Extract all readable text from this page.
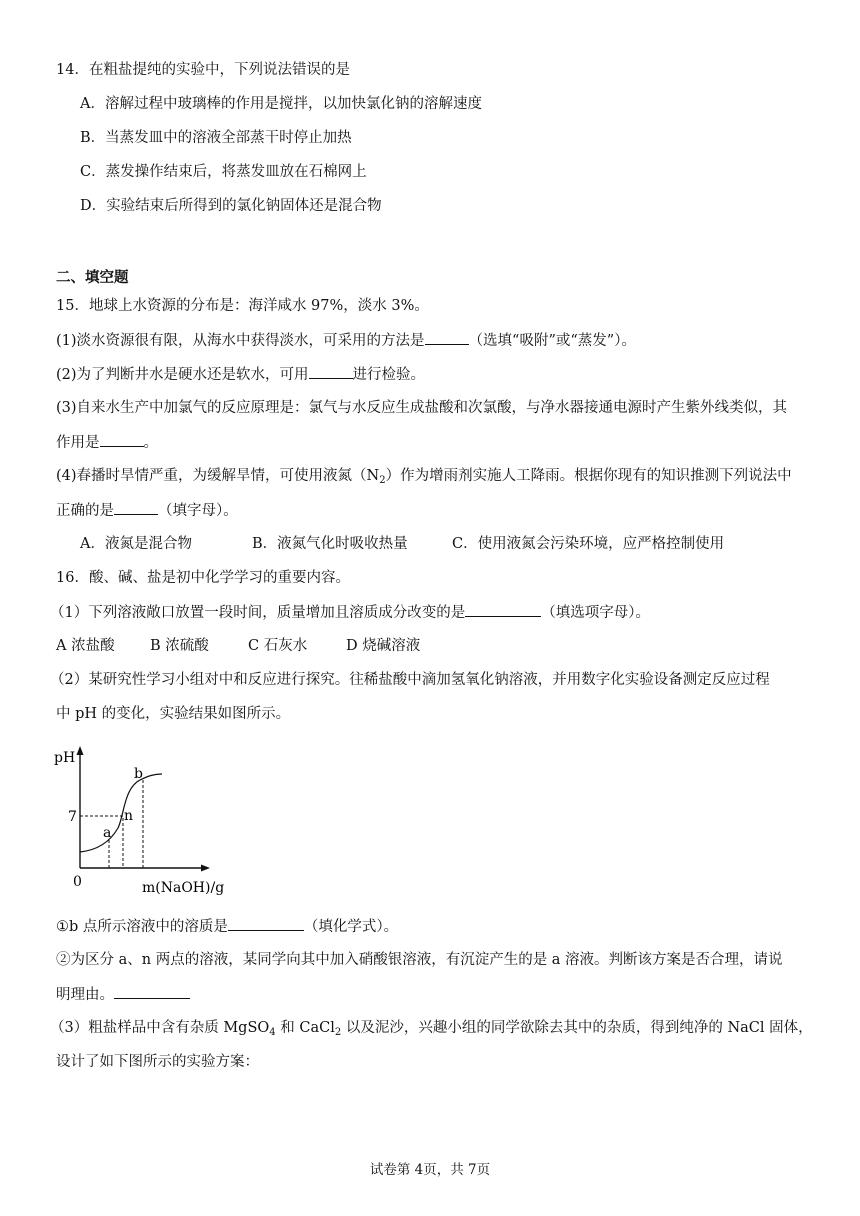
14．在粗盐提纯的实验中，下列说法错误的是
A．溶解过程中玻璃棒的作用是搅拌，以加快氯化钠的溶解速度
B．当蒸发皿中的溶液全部蒸干时停止加热
C．蒸发操作结束后，将蒸发皿放在石棉网上
D．实验结束后所得到的氯化钠固体还是混合物
二、填空题
15．地球上水资源的分布是：海洋咸水 97%，淡水 3%。
(1)淡水资源很有限，从海水中获得淡水，可采用的方法是	（选填“吸附”或“蒸发”）。
(2)为了判断井水是硬水还是软水，可用	进行检验。
(3)自来水生产中加氯气的反应原理是：氯气与水反应生成盐酸和次氯酸，与净水器接通电源时产生紫外线类似，其
作用是	。
(4)春播时旱情严重，为缓解旱情，可使用液氮$(N_2)$作为增雨剂实施人工降雨。根据你现有的知识推测下列说法中
正确的是	（填字母）。
A．液氮是混合物	B．液氮气化时吸收热量	C．使用液氮会污染环境，应严格控制使用
16．酸、碱、盐是初中化学学习的重要内容。
（1）下列溶液敞口放置一段时间，质量增加且溶质成分改变的是	（填选项字母）。
A 浓盐酸 B 浓硫酸	C 石灰水	D 烧碱溶液
（2）某研究性学习小组对中和反应进行探究。往稀盐酸中滴加氢氧化钠溶液，并用数字化实验设备测定反应过程
中 pH 的变化，实验结果如图所示。
pH
7
0	m(NaOH)/g
a
n
b
①b 点所示溶液中的溶质是	（填化学式）。
②为区分 a、n 两点的溶液，某同学向其中加入硝酸银溶液，有沉淀产生的是 a 溶液。判断该方案是否合理，请说
明理由。
（3）粗盐样品中含有杂质 MgSO$_4$ 和 CaCl$_2$ 以及泥沙，兴趣小组的同学欲除去其中的杂质，得到纯净的 NaCl 固体，
设计了如下图所示的实验方案：
试卷第 4页，共 7页
